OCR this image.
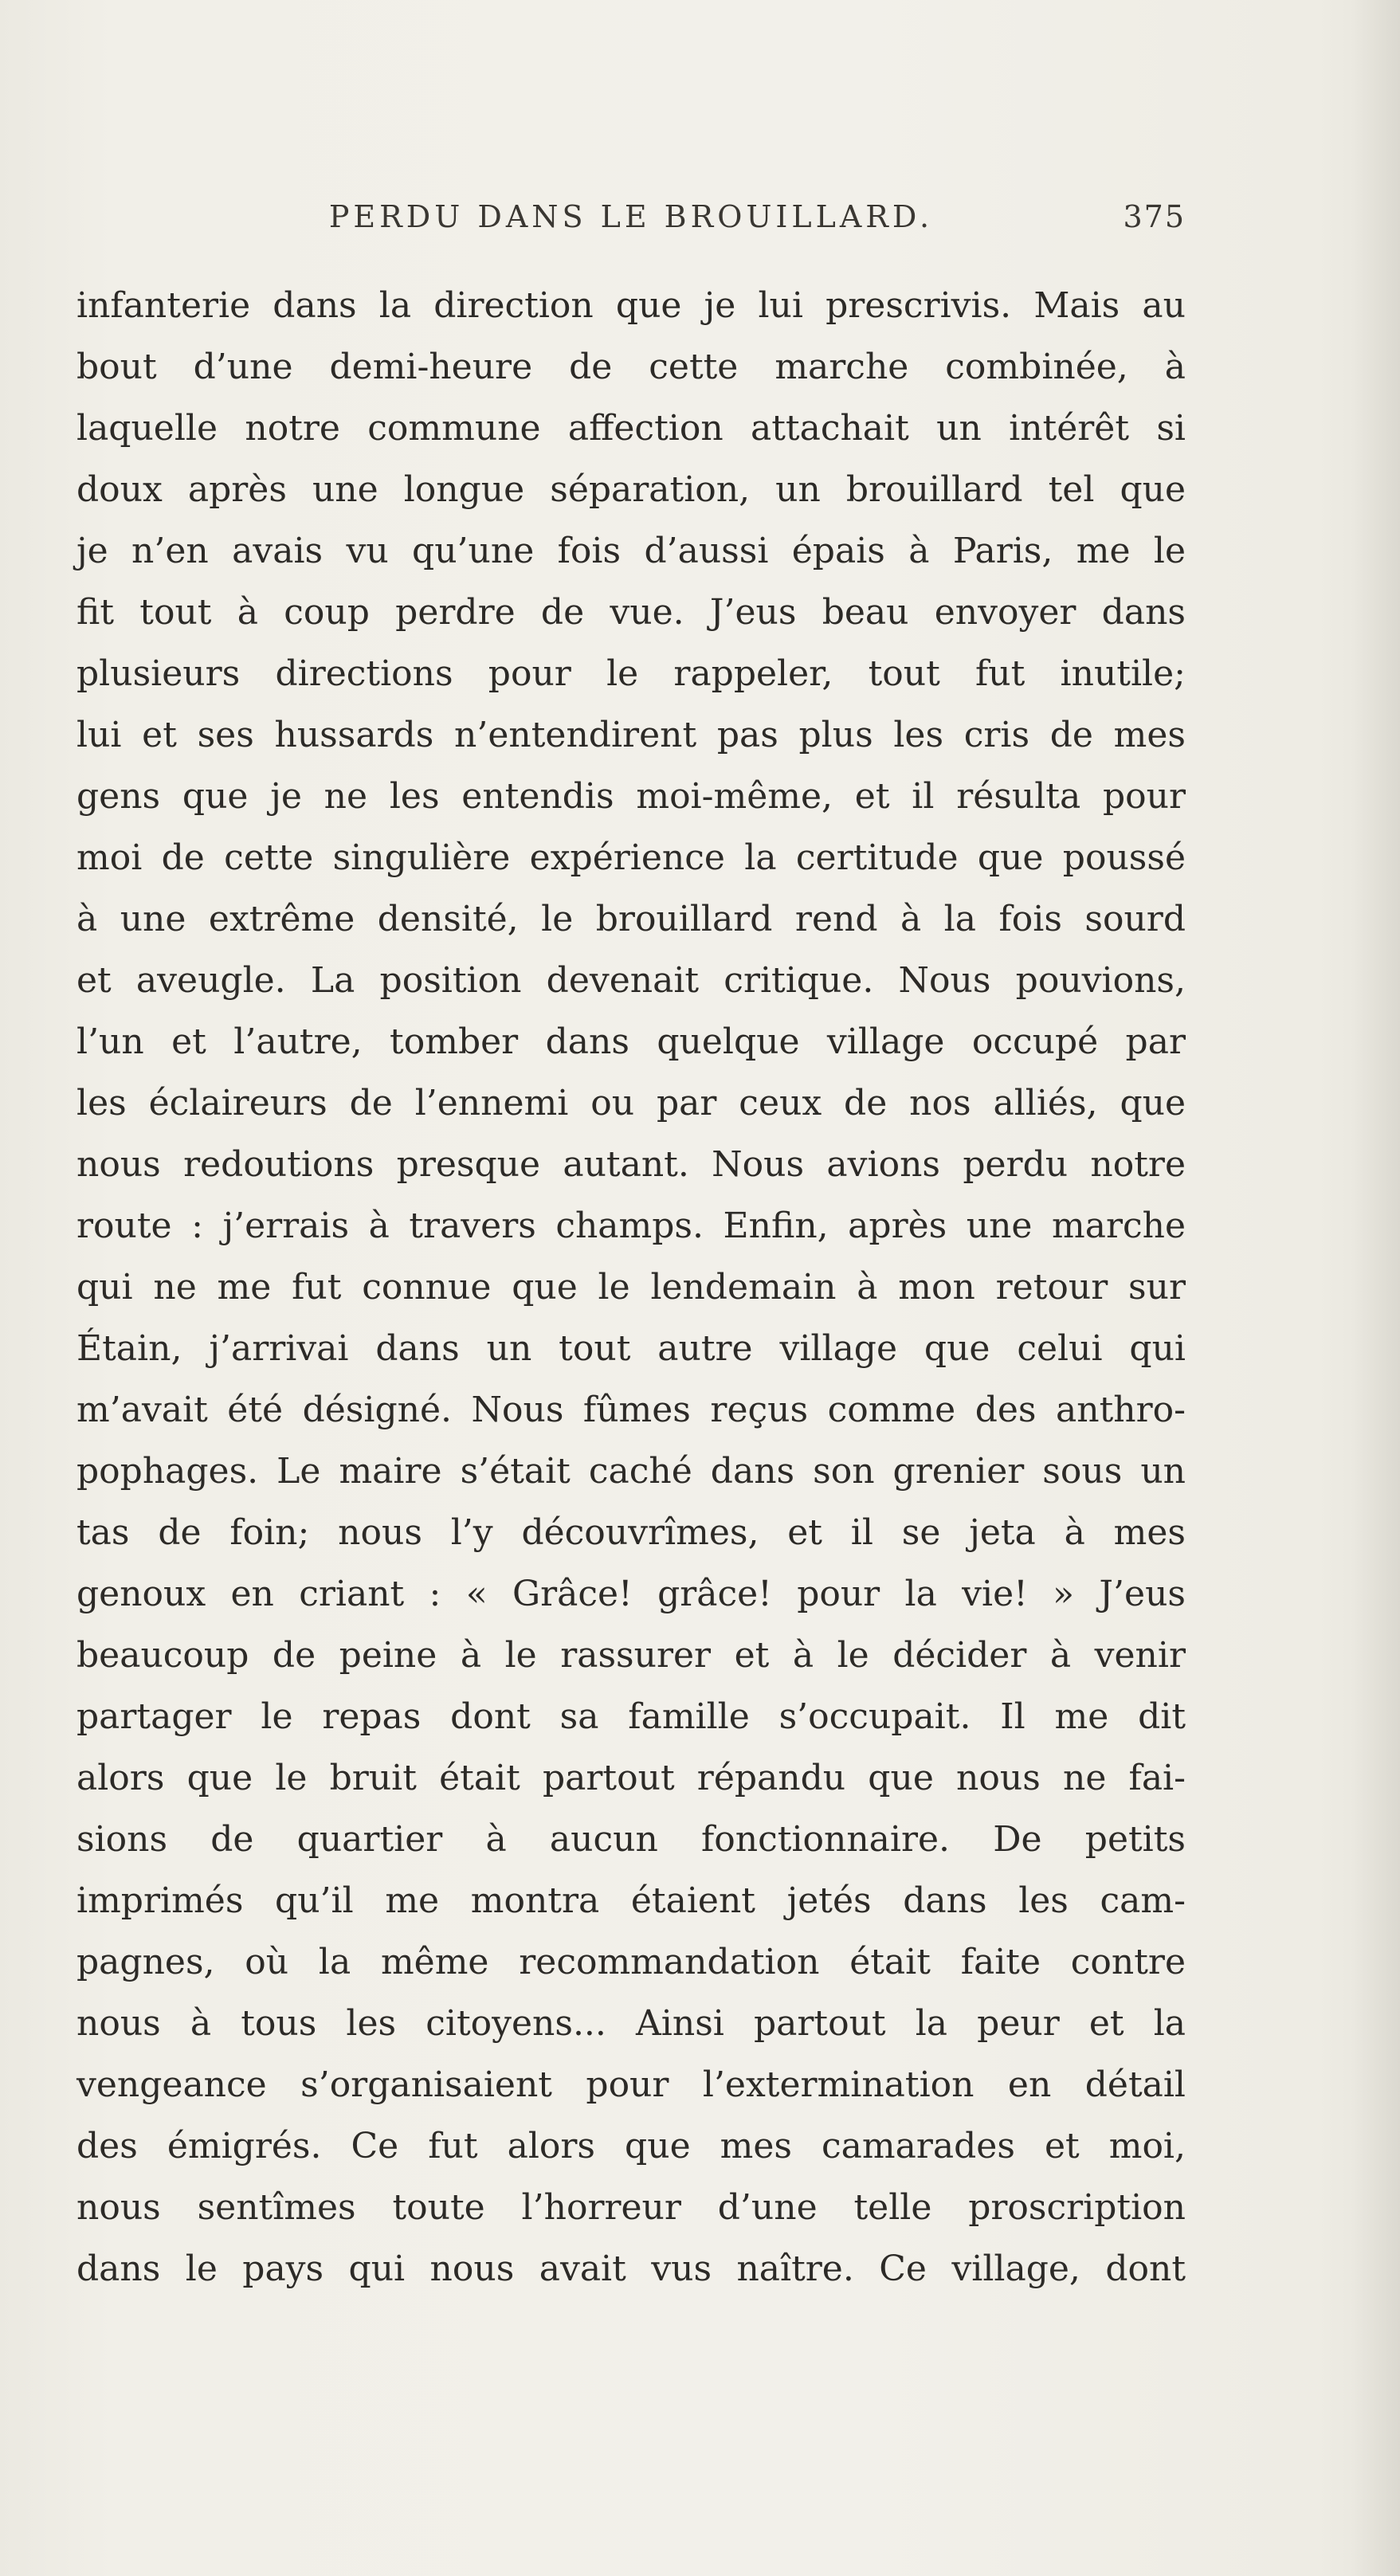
PERDU DANS LE BROUILLARD.	375
infanterie dans la direction que je lui prescrivis. Mais au
bout d’une demi-heure de cette marche combinée, à
laquelle notre commune affection attachait un intérêt si
doux après une longue séparation, un brouillard tel que
je n’en avais vu qu’une fois d’aussi épais à Paris, me le
fit tout à coup perdre de vue. J’eus beau envoyer dans
plusieurs directions pour le rappeler, tout fut inutile;
lui et ses hussards n’entendirent pas plus les cris de mes
gens que je ne les entendis moi-même, et il résulta pour
moi de cette singulière expérience la certitude que poussé
à une extrême densité, le brouillard rend à la fois sourd
et aveugle. La position devenait critique. Nous pouvions,
l’un et l’autre, tomber dans quelque village occupé par
les éclaireurs de l’ennemi ou par ceux de nos alliés, que
nous redoutions presque autant. Nous avions perdu notre
route : j’errais à travers champs. Enfin, après une marche
qui ne me fut connue que le lendemain à mon retour sur
Étain, j’arrivai dans un tout autre village que celui qui
m’avait été désigné. Nous fûmes reçus comme des anthro-
pophages. Le maire s’était caché dans son grenier sous un
tas de foin; nous l’y découvrîmes, et il se jeta à mes
genoux en criant : « Grâce! grâce! pour la vie! » J’eus
beaucoup de peine à le rassurer et à le décider à venir
partager le repas dont sa famille s’occupait. Il me dit
alors que le bruit était partout répandu que nous ne fai-
sions de quartier à aucun fonctionnaire. De petits
imprimés qu’il me montra étaient jetés dans les cam-
pagnes, où la même recommandation était faite contre
nous à tous les citoyens... Ainsi partout la peur et la
vengeance s’organisaient pour l’extermination en détail
des émigrés. Ce fut alors que mes camarades et moi,
nous sentîmes toute l’horreur d’une telle proscription
dans le pays qui nous avait vus naître. Ce village, dont
